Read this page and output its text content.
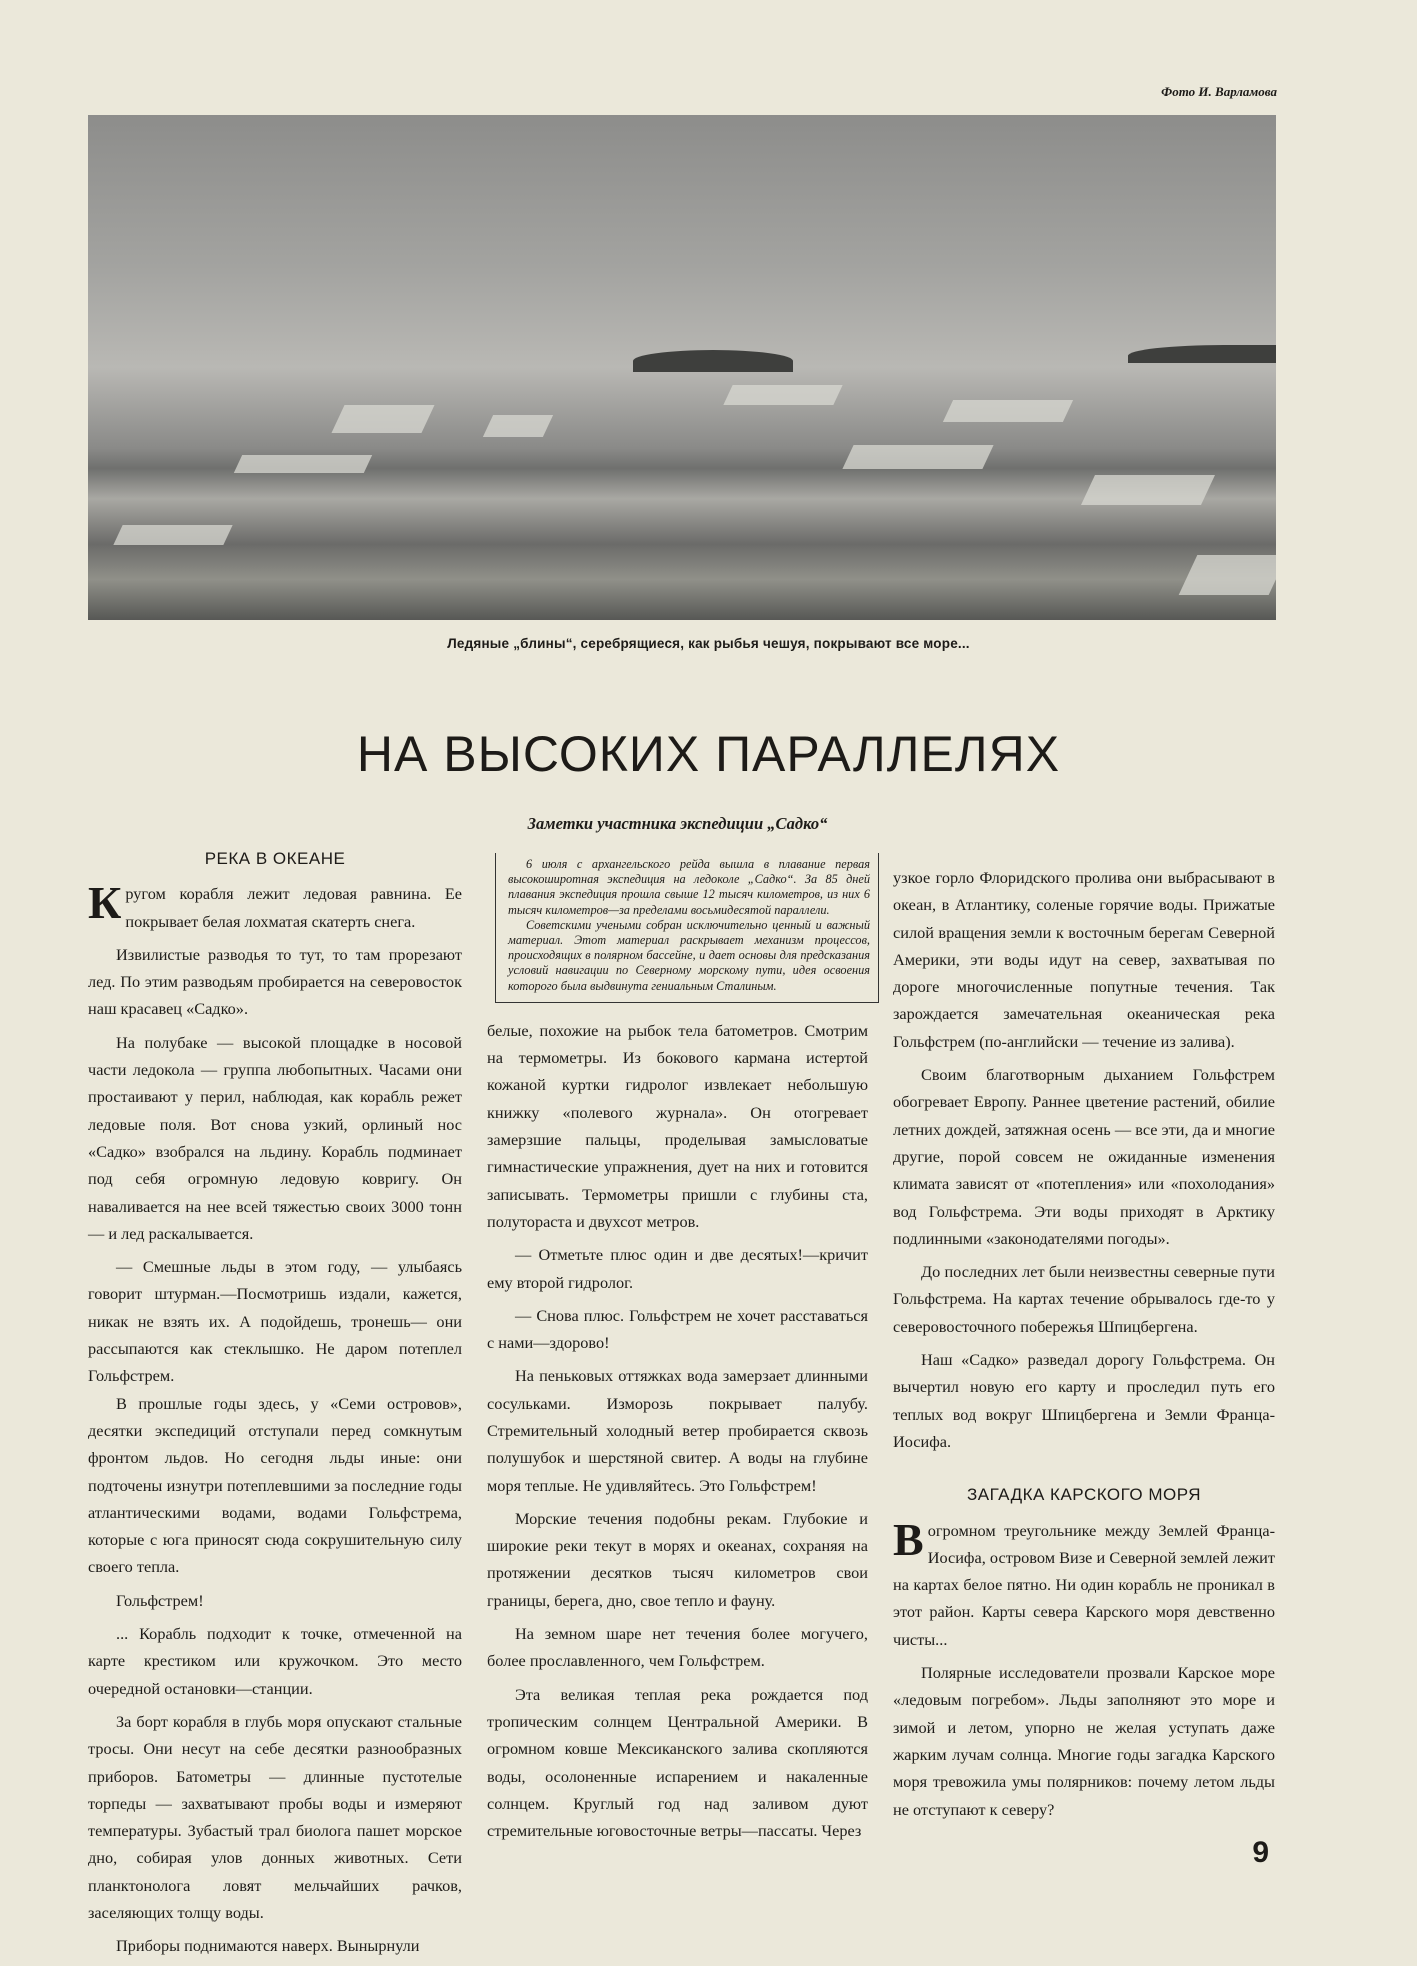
Фото И. Варламова
Ледяные „блины“, серебрящиеся, как рыбья чешуя, покрывают все море...
НА ВЫСОКИХ ПАРАЛЛЕЛЯХ
РЕКА В ОКЕАНЕ

Кругом корабля лежит ледовая равнина. Ее покрывает белая лохматая скатерть снега.

Извилистые разводья то тут, то там прорезают лед. По этим разводьям пробирается на северовосток наш красавец «Садко».

На полубаке — высокой площадке в носовой части ледокола — группа любопытных. Часами они простаивают у перил, наблюдая, как корабль режет ледовые поля. Вот снова узкий, орлиный нос «Садко» взобрался на льдину. Корабль подминает под себя огромную ледовую ковригу. Он наваливается на нее всей тяжестью своих 3000 тонн — и лед раскалывается.

— Смешные льды в этом году, — улыбаясь говорит штурман.—Посмотришь издали, кажется, никак не взять их. А подойдешь, тронешь— они рассыпаются как стеклышко. Не даром потеплел Гольфстрем.

В прошлые годы здесь, у «Семи островов», десятки экспедиций отступали перед сомкнутым фронтом льдов. Но сегодня льды иные: они подточены изнутри потеплевшими за последние годы атлантическими водами, водами Гольфстрема, которые с юга приносят сюда сокрушительную силу своего тепла.

Гольфстрем!

... Корабль подходит к точке, отмеченной на карте крестиком или кружочком. Это место очередной остановки—станции.

За борт корабля в глубь моря опускают стальные тросы. Они несут на себе десятки разнообразных приборов. Батометры — длинные пустотелые торпеды — захватывают пробы воды и измеряют температуры. Зубастый трал биолога пашет морское дно, собирая улов донных животных. Сети планктонолога ловят мельчайших рачков, заселяющих толщу воды.

Приборы поднимаются наверх. Вынырнули

Заметки участника экспедиции „Садко“

6 июля с архангельского рейда вышла в плавание первая высокоширотная экспедиция на ледоколе „Садко“. За 85 дней плавания экспедиция прошла свыше 12 тысяч километров, из них 6 тысяч километров—за пределами восьмидесятой параллели.

Советскими учеными собран исключительно ценный и важный материал. Этот материал раскрывает механизм процессов, происходящих в полярном бассейне, и дает основы для предсказания условий навигации по Северному морскому пути, идея освоения которого была выдвинута гениальным Сталиным.

белые, похожие на рыбок тела батометров. Смотрим на термометры. Из бокового кармана истертой кожаной куртки гидролог извлекает небольшую книжку «полевого журнала». Он отогревает замерзшие пальцы, проделывая замысловатые гимнастические упражнения, дует на них и готовится записывать. Термометры пришли с глубины ста, полутораста и двухсот метров.

— Отметьте плюс один и две десятых!—кричит ему второй гидролог.

— Снова плюс. Гольфстрем не хочет расставаться с нами—здорово!

На пеньковых оттяжках вода замерзает длинными сосульками. Изморозь покрывает палубу. Стремительный холодный ветер пробирается сквозь полушубок и шерстяной свитер. А воды на глубине моря теплые. Не удивляйтесь. Это Гольфстрем!

Морские течения подобны рекам. Глубокие и широкие реки текут в морях и океанах, сохраняя на протяжении десятков тысяч километров свои границы, берега, дно, свое тепло и фауну.

На земном шаре нет течения более могучего, более прославленного, чем Гольфстрем.

Эта великая теплая река рождается под тропическим солнцем Центральной Америки. В огромном ковше Мексиканского залива скопляются воды, осолоненные испарением и накаленные солнцем. Круглый год над заливом дуют стремительные юговосточные ветры—пассаты. Через

узкое горло Флоридского пролива они выбрасывают в океан, в Атлантику, соленые горячие воды. Прижатые силой вращения земли к восточным берегам Северной Америки, эти воды идут на север, захватывая по дороге многочисленные попутные течения. Так зарождается замечательная океаническая река Гольфстрем (по-английски — течение из залива).

Своим благотворным дыханием Гольфстрем обогревает Европу. Раннее цветение растений, обилие летних дождей, затяжная осень — все эти, да и многие другие, порой совсем не ожиданные изменения климата зависят от «потепления» или «похолодания» вод Гольфстрема. Эти воды приходят в Арктику подлинными «законодателями погоды».

До последних лет были неизвестны северные пути Гольфстрема. На картах течение обрывалось где-то у северовосточного побережья Шпицбергена.

Наш «Садко» разведал дорогу Гольфстрема. Он вычертил новую его карту и проследил путь его теплых вод вокруг Шпицбергена и Земли Франца-Иосифа.

ЗАГАДКА КАРСКОГО МОРЯ

Вогромном треугольнике между Землей Франца-Иосифа, островом Визе и Северной землей лежит на картах белое пятно. Ни один корабль не проникал в этот район. Карты севера Карского моря девственно чисты...

Полярные исследователи прозвали Карское море «ледовым погребом». Льды заполняют это море и зимой и летом, упорно не желая уступать даже жарким лучам солнца. Многие годы загадка Карского моря тревожила умы полярников: почему летом льды не отступают к северу?

9
